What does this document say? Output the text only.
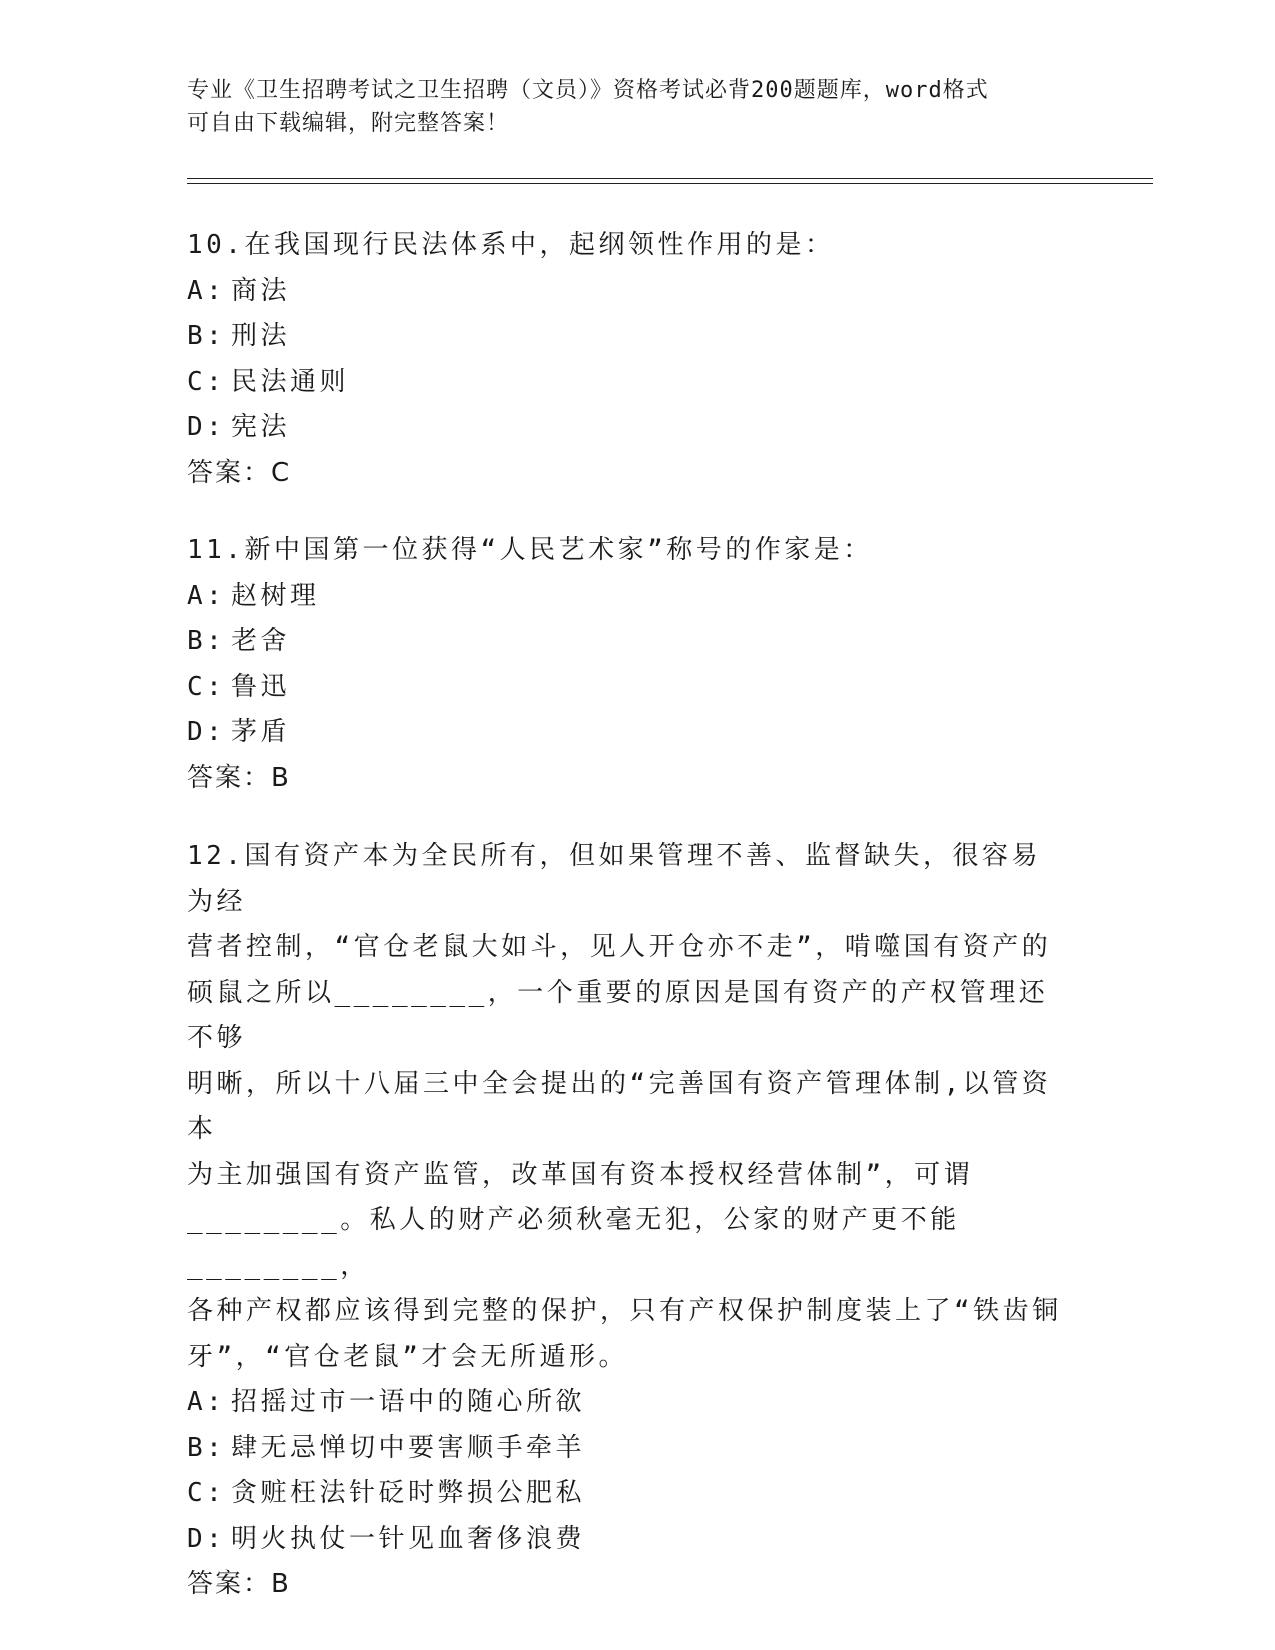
专业《卫生招聘考试之卫生招聘（文员）》资格考试必背200题题库，word格式
可自由下载编辑，附完整答案！

10.在我国现行民法体系中，起纲领性作用的是：

A: 商法

B: 刑法

C: 民法通则

D: 宪法

答案：C

11.新中国第一位获得“人民艺术家”称号的作家是：

A: 赵树理

B: 老舍

C: 鲁迅

D: 茅盾

答案：B

12.国有资产本为全民所有，但如果管理不善、监督缺失，很容易为经

营者控制，“官仓老鼠大如斗，见人开仓亦不走”，啃噬国有资产的

硕鼠之所以________，一个重要的原因是国有资产的产权管理还不够

明晰，所以十八届三中全会提出的“完善国有资产管理体制,以管资本

为主加强国有资产监管，改革国有资本授权经营体制”，可谓

________。私人的财产必须秋毫无犯，公家的财产更不能________，

各种产权都应该得到完整的保护，只有产权保护制度装上了“铁齿铜

牙”，“官仓老鼠”才会无所遁形。

A: 招摇过市一语中的随心所欲

B: 肆无忌惮切中要害顺手牵羊

C: 贪赃枉法针砭时弊损公肥私

D: 明火执仗一针见血奢侈浪费

答案：B
